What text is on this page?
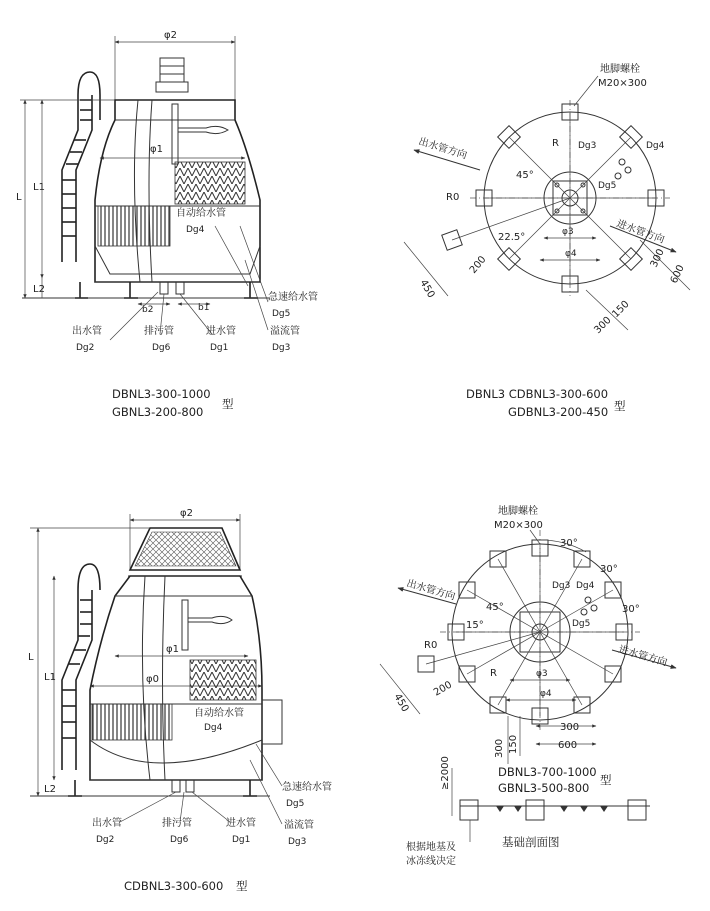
φ2
φ1
L
L1
L2
b2	b1
自动给水管
Dg4
急速给水管
Dg5
溢流管
Dg3
出水管
Dg2
排污管
Dg6
进水管
Dg1
DBNL3-300-1000
GBNL3-200-800
型
地脚螺栓
M20×300
出水管方向
进水管方向
R
R0
45°
22.5°
Dg3	Dg4
Dg5
φ3
φ4
450
200	300
600
150
300
DBNL3 CDBNL3-300-600
GDBNL3-200-450 型
φ2
φ1
φ0
L
L1
L2
自动给水管
Dg4
急速给水管
Dg5
溢流管
Dg3
出水管
Dg2
排污管
Dg6
进水管
Dg1
CDBNL3-300-600 型
地脚螺栓
M20×300
出水管方向
进水管方向
30°
30°
30°
45°
15°
Dg3 Dg4
Dg5
R
R0
φ3
φ4
450
200
300
600
300 150
≥2000	DBNL3-700-1000
GBNL3-500-800
型
基础剖面图
根据地基及
冰冻线决定
